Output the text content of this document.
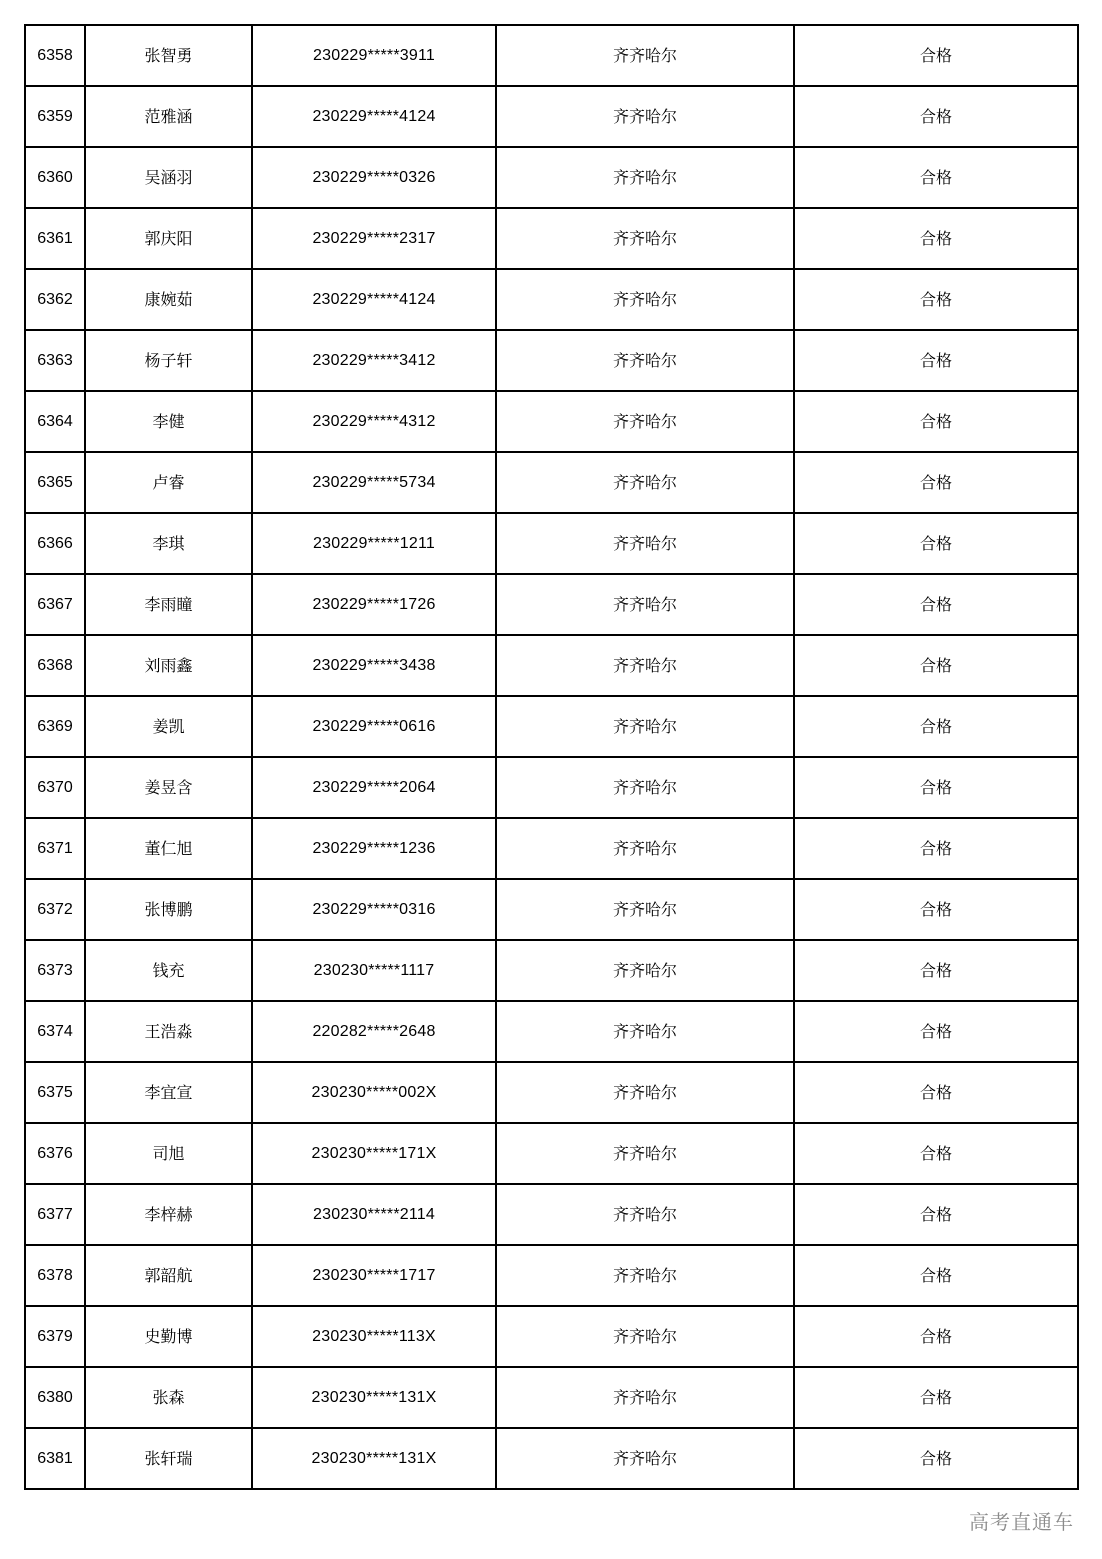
6358	张智勇	230229*****3911	齐齐哈尔	合格
6359	范雅涵	230229*****4124	齐齐哈尔	合格
6360	吴涵羽	230229*****0326	齐齐哈尔	合格
6361	郭庆阳	230229*****2317	齐齐哈尔	合格
6362	康婉茹	230229*****4124	齐齐哈尔	合格
6363	杨子轩	230229*****3412	齐齐哈尔	合格
6364	李健	230229*****4312	齐齐哈尔	合格
6365	卢睿	230229*****5734	齐齐哈尔	合格
6366	李琪	230229*****1211	齐齐哈尔	合格
6367	李雨瞳	230229*****1726	齐齐哈尔	合格
6368	刘雨鑫	230229*****3438	齐齐哈尔	合格
6369	姜凯	230229*****0616	齐齐哈尔	合格
6370	姜昱含	230229*****2064	齐齐哈尔	合格
6371	董仁旭	230229*****1236	齐齐哈尔	合格
6372	张博鹏	230229*****0316	齐齐哈尔	合格
6373	钱充	230230*****1117	齐齐哈尔	合格
6374	王浩淼	220282*****2648	齐齐哈尔	合格
6375	李宜宣	230230*****002X	齐齐哈尔	合格
6376	司旭	230230*****171X	齐齐哈尔	合格
6377	李梓赫	230230*****2114	齐齐哈尔	合格
6378	郭韶航	230230*****1717	齐齐哈尔	合格
6379	史勤博	230230*****113X	齐齐哈尔	合格
6380	张森	230230*****131X	齐齐哈尔	合格
6381	张轩瑞	230230*****131X	齐齐哈尔	合格
高考直通车
